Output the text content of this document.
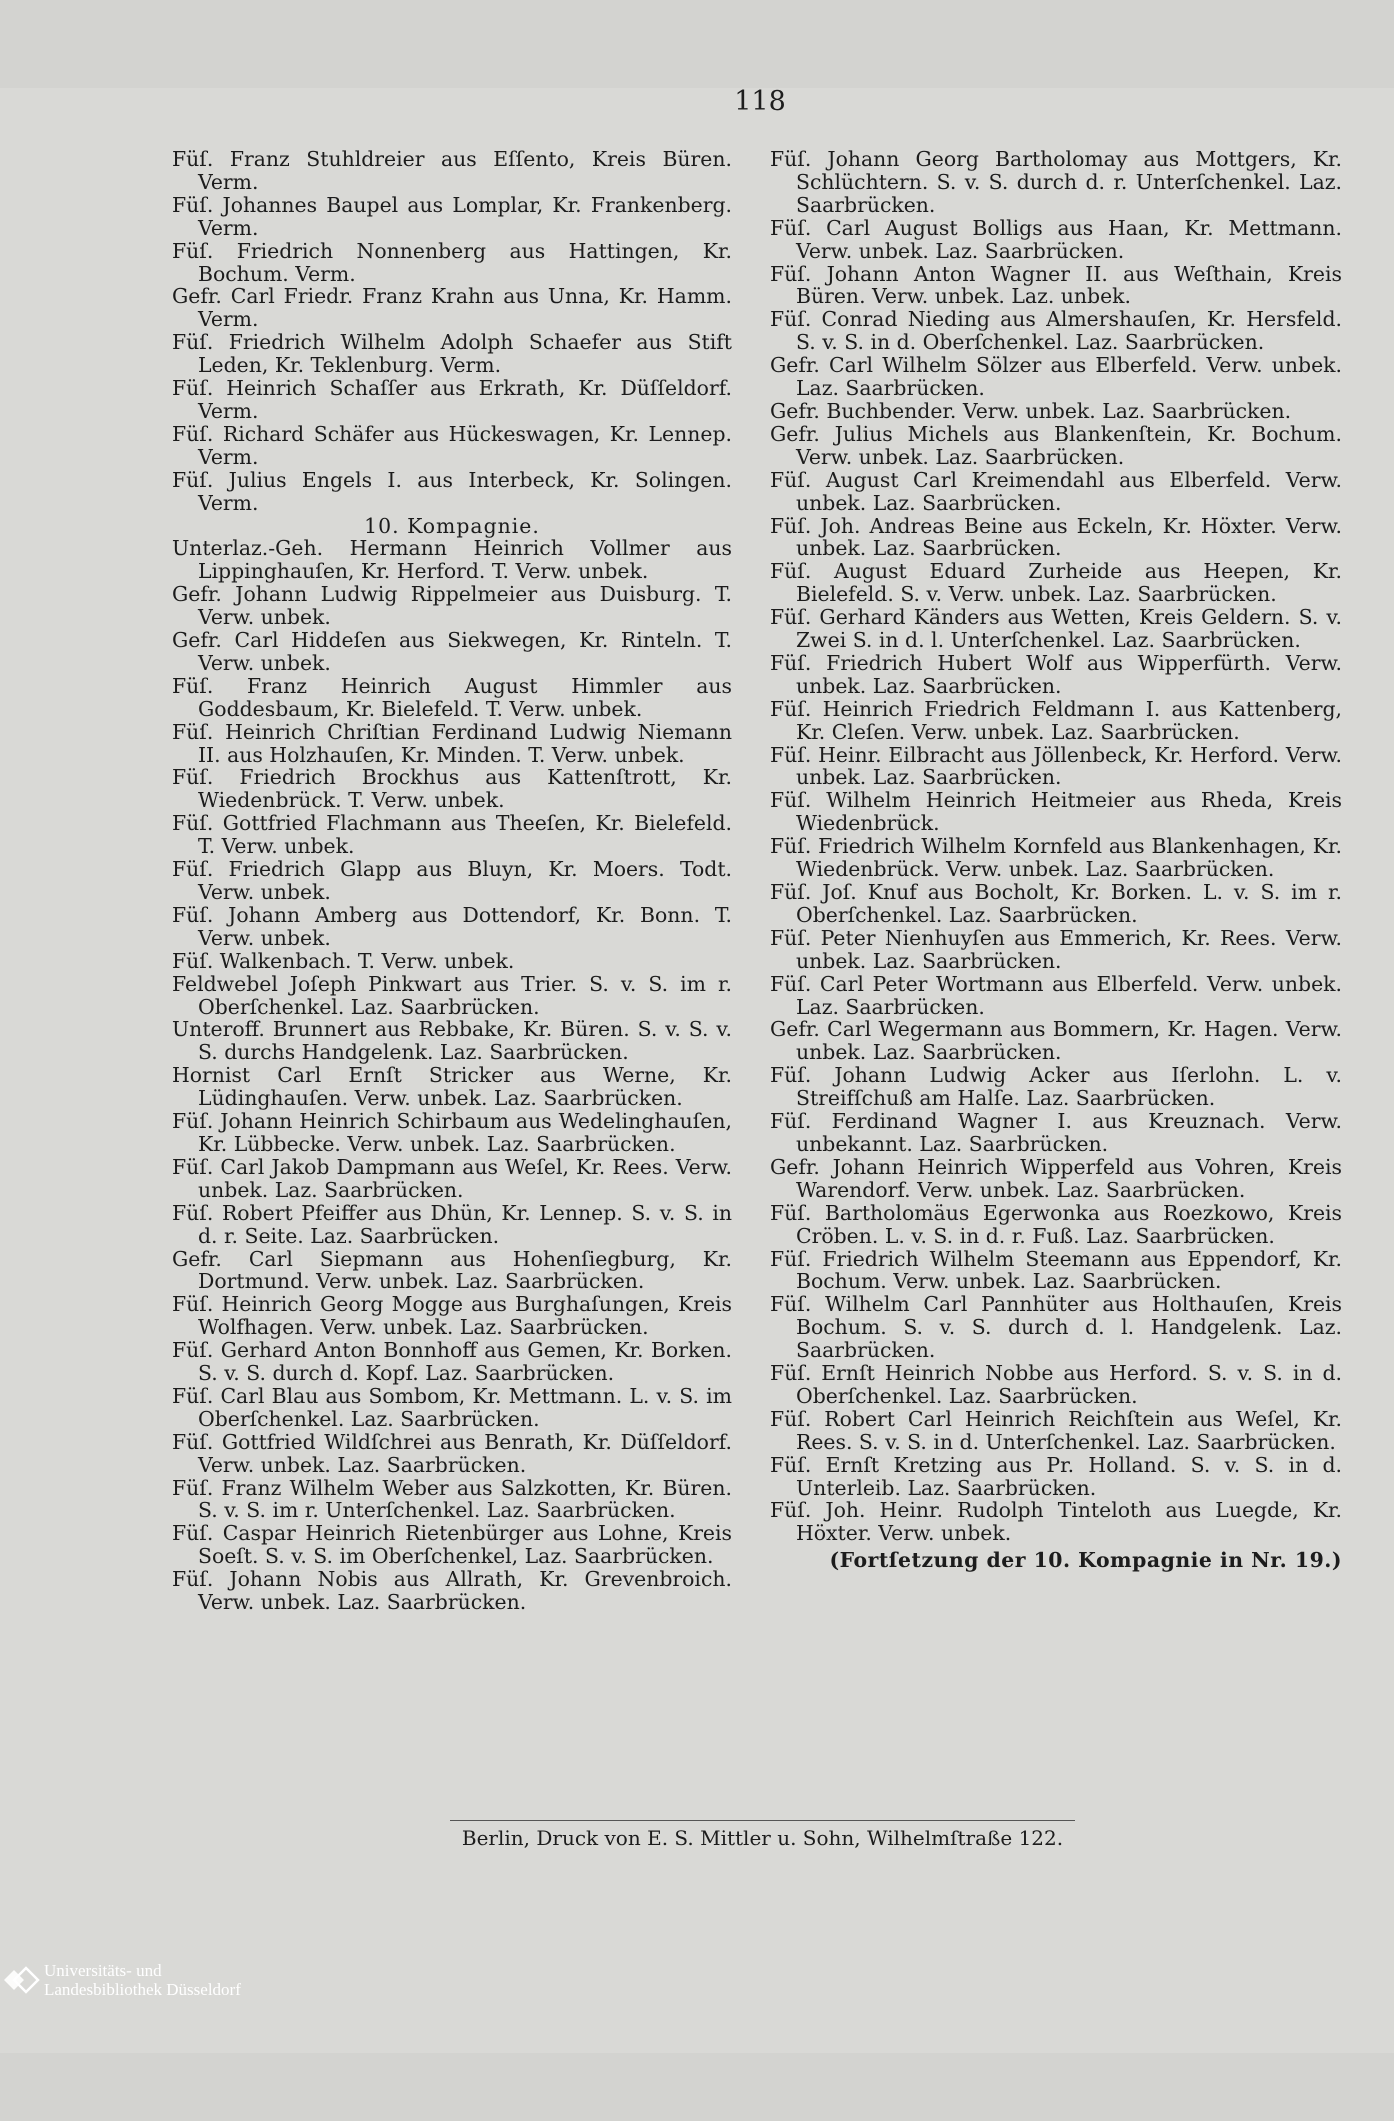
118

Füſ. Franz Stuhldreier aus Eſſento, Kreis Büren. Verm.

Füſ. Johannes Baupel aus Lomplar, Kr. Frankenberg. Verm.

Füſ. Friedrich Nonnenberg aus Hattingen, Kr. Bochum. Verm.

Gefr. Carl Friedr. Franz Krahn aus Unna, Kr. Hamm. Verm.

Füſ. Friedrich Wilhelm Adolph Schaefer aus Stift Leden, Kr. Teklenburg. Verm.

Füſ. Heinrich Schaſſer aus Erkrath, Kr. Düſſeldorf. Verm.

Füſ. Richard Schäfer aus Hückeswagen, Kr. Lennep. Verm.

Füſ. Julius Engels I. aus Interbeck, Kr. Solingen. Verm.

10. Kompagnie.

Unterlaz.-Geh. Hermann Heinrich Vollmer aus Lippinghauſen, Kr. Herford. T. Verw. unbek.

Gefr. Johann Ludwig Rippelmeier aus Duisburg. T. Verw. unbek.

Gefr. Carl Hiddeſen aus Siekwegen, Kr. Rinteln. T. Verw. unbek.

Füſ. Franz Heinrich August Himmler aus Goddesbaum, Kr. Bielefeld. T. Verw. unbek.

Füſ. Heinrich Chriſtian Ferdinand Ludwig Niemann II. aus Holzhauſen, Kr. Minden. T. Verw. unbek.

Füſ. Friedrich Brockhus aus Kattenſtrott, Kr. Wiedenbrück. T. Verw. unbek.

Füſ. Gottfried Flachmann aus Theeſen, Kr. Bielefeld. T. Verw. unbek.

Füſ. Friedrich Glapp aus Bluyn, Kr. Moers. Todt. Verw. unbek.

Füſ. Johann Amberg aus Dottendorf, Kr. Bonn. T. Verw. unbek.

Füſ. Walkenbach. T. Verw. unbek.

Feldwebel Joſeph Pinkwart aus Trier. S. v. S. im r. Oberſchenkel. Laz. Saarbrücken.

Unteroff. Brunnert aus Rebbake, Kr. Büren. S. v. S. v. S. durchs Handgelenk. Laz. Saarbrücken.

Hornist Carl Ernſt Stricker aus Werne, Kr. Lüdinghauſen. Verw. unbek. Laz. Saarbrücken.

Füſ. Johann Heinrich Schirbaum aus Wedelinghauſen, Kr. Lübbecke. Verw. unbek. Laz. Saarbrücken.

Füſ. Carl Jakob Dampmann aus Weſel, Kr. Rees. Verw. unbek. Laz. Saarbrücken.

Füſ. Robert Pfeiffer aus Dhün, Kr. Lennep. S. v. S. in d. r. Seite. Laz. Saarbrücken.

Gefr. Carl Siepmann aus Hohenſiegburg, Kr. Dortmund. Verw. unbek. Laz. Saarbrücken.

Füſ. Heinrich Georg Mogge aus Burghaſungen, Kreis Wolfhagen. Verw. unbek. Laz. Saarbrücken.

Füſ. Gerhard Anton Bonnhoff aus Gemen, Kr. Borken. S. v. S. durch d. Kopf. Laz. Saarbrücken.

Füſ. Carl Blau aus Sombom, Kr. Mettmann. L. v. S. im Oberſchenkel. Laz. Saarbrücken.

Füſ. Gottfried Wildſchrei aus Benrath, Kr. Düſſeldorf. Verw. unbek. Laz. Saarbrücken.

Füſ. Franz Wilhelm Weber aus Salzkotten, Kr. Büren. S. v. S. im r. Unterſchenkel. Laz. Saarbrücken.

Füſ. Caspar Heinrich Rietenbürger aus Lohne, Kreis Soeſt. S. v. S. im Oberſchenkel, Laz. Saarbrücken.

Füſ. Johann Nobis aus Allrath, Kr. Grevenbroich. Verw. unbek. Laz. Saarbrücken.

Füſ. Johann Georg Bartholomay aus Mottgers, Kr. Schlüchtern. S. v. S. durch d. r. Unterſchenkel. Laz. Saarbrücken.

Füſ. Carl August Bolligs aus Haan, Kr. Mettmann. Verw. unbek. Laz. Saarbrücken.

Füſ. Johann Anton Wagner II. aus Weſthain, Kreis Büren. Verw. unbek. Laz. unbek.

Füſ. Conrad Nieding aus Almershauſen, Kr. Hersfeld. S. v. S. in d. Oberſchenkel. Laz. Saarbrücken.

Gefr. Carl Wilhelm Sölzer aus Elberfeld. Verw. unbek. Laz. Saarbrücken.

Gefr. Buchbender. Verw. unbek. Laz. Saarbrücken.

Gefr. Julius Michels aus Blankenſtein, Kr. Bochum. Verw. unbek. Laz. Saarbrücken.

Füſ. August Carl Kreimendahl aus Elberfeld. Verw. unbek. Laz. Saarbrücken.

Füſ. Joh. Andreas Beine aus Eckeln, Kr. Höxter. Verw. unbek. Laz. Saarbrücken.

Füſ. August Eduard Zurheide aus Heepen, Kr. Bielefeld. S. v. Verw. unbek. Laz. Saarbrücken.

Füſ. Gerhard Känders aus Wetten, Kreis Geldern. S. v. Zwei S. in d. l. Unterſchenkel. Laz. Saarbrücken.

Füſ. Friedrich Hubert Wolf aus Wipperfürth. Verw. unbek. Laz. Saarbrücken.

Füſ. Heinrich Friedrich Feldmann I. aus Kattenberg, Kr. Cleſen. Verw. unbek. Laz. Saarbrücken.

Füſ. Heinr. Eilbracht aus Jöllenbeck, Kr. Herford. Verw. unbek. Laz. Saarbrücken.

Füſ. Wilhelm Heinrich Heitmeier aus Rheda, Kreis Wiedenbrück.

Füſ. Friedrich Wilhelm Kornfeld aus Blankenhagen, Kr. Wiedenbrück. Verw. unbek. Laz. Saarbrücken.

Füſ. Joſ. Knuf aus Bocholt, Kr. Borken. L. v. S. im r. Oberſchenkel. Laz. Saarbrücken.

Füſ. Peter Nienhuyſen aus Emmerich, Kr. Rees. Verw. unbek. Laz. Saarbrücken.

Füſ. Carl Peter Wortmann aus Elberfeld. Verw. unbek. Laz. Saarbrücken.

Gefr. Carl Wegermann aus Bommern, Kr. Hagen. Verw. unbek. Laz. Saarbrücken.

Füſ. Johann Ludwig Acker aus Iſerlohn. L. v. Streifſchuß am Halſe. Laz. Saarbrücken.

Füſ. Ferdinand Wagner I. aus Kreuznach. Verw. unbekannt. Laz. Saarbrücken.

Gefr. Johann Heinrich Wipperfeld aus Vohren, Kreis Warendorf. Verw. unbek. Laz. Saarbrücken.

Füſ. Bartholomäus Egerwonka aus Roezkowo, Kreis Cröben. L. v. S. in d. r. Fuß. Laz. Saarbrücken.

Füſ. Friedrich Wilhelm Steemann aus Eppendorf, Kr. Bochum. Verw. unbek. Laz. Saarbrücken.

Füſ. Wilhelm Carl Pannhüter aus Holthauſen, Kreis Bochum. S. v. S. durch d. l. Handgelenk. Laz. Saarbrücken.

Füſ. Ernſt Heinrich Nobbe aus Herford. S. v. S. in d. Oberſchenkel. Laz. Saarbrücken.

Füſ. Robert Carl Heinrich Reichſtein aus Weſel, Kr. Rees. S. v. S. in d. Unterſchenkel. Laz. Saarbrücken.

Füſ. Ernſt Kretzing aus Pr. Holland. S. v. S. in d. Unterleib. Laz. Saarbrücken.

Füſ. Joh. Heinr. Rudolph Tinteloth aus Luegde, Kr. Höxter. Verw. unbek.

(Fortſetzung der 10. Kompagnie in Nr. 19.)

Berlin, Druck von E. S. Mittler u. Sohn, Wilhelmſtraße 122.
Universitäts- und
Landesbibliothek Düsseldorf
